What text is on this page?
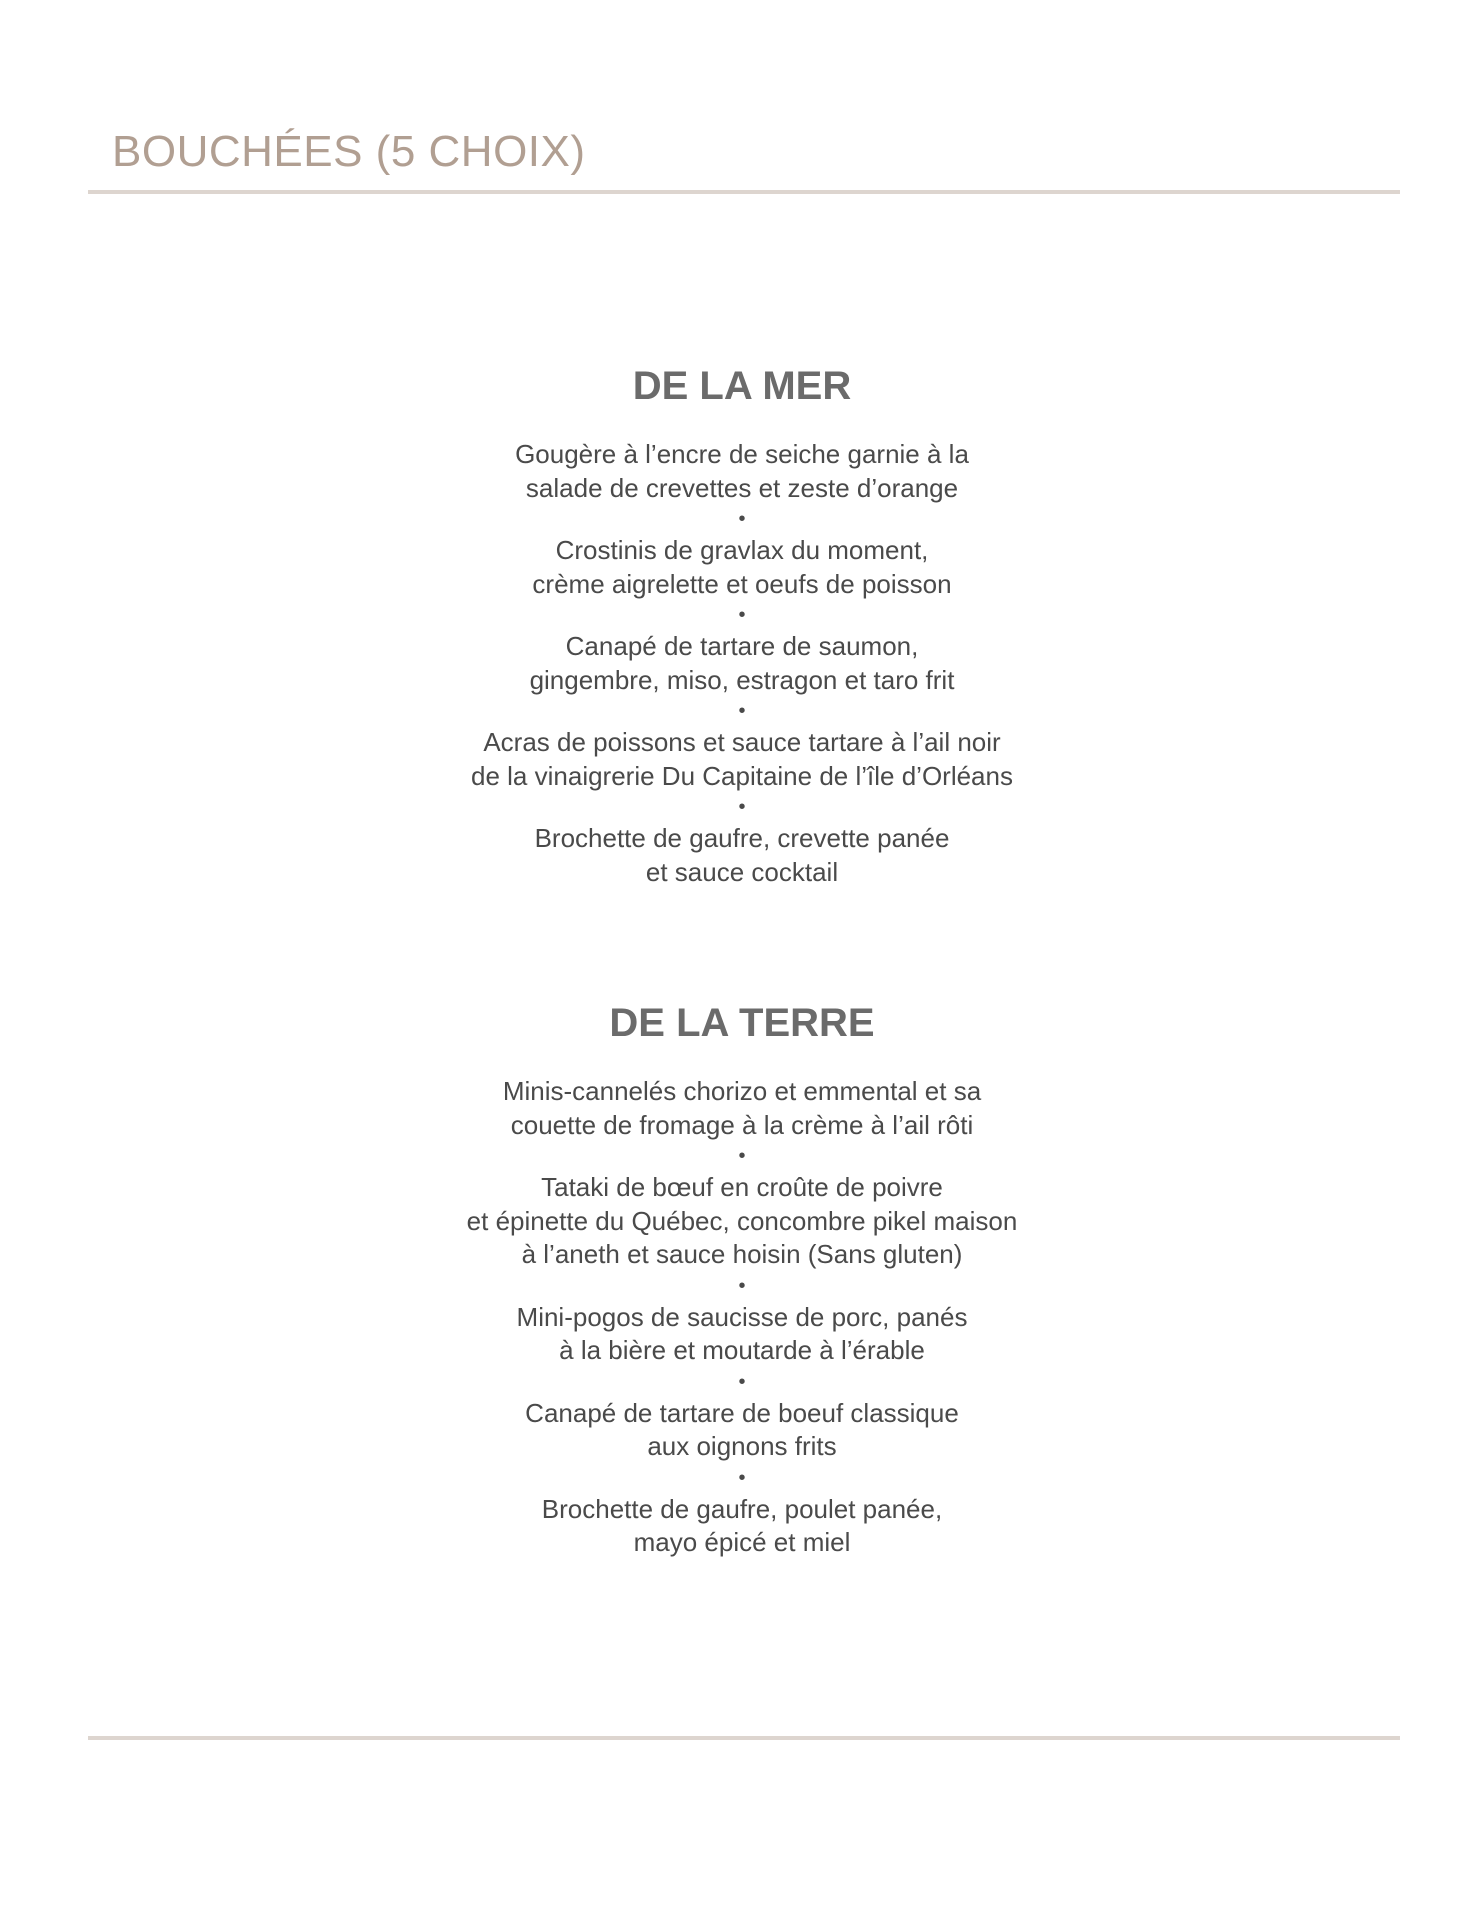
BOUCHÉES (5 CHOIX)
DE LA MER
Gougère à l’encre de seiche garnie à la
salade de crevettes et zeste d’orange
•
Crostinis de gravlax du moment,
crème aigrelette et oeufs de poisson
•
Canapé de tartare de saumon,
gingembre, miso, estragon et taro frit
•
Acras de poissons et sauce tartare à l’ail noir
de la vinaigrerie Du Capitaine de l’île d’Orléans
•
Brochette de gaufre, crevette panée
et sauce cocktail
DE LA TERRE
Minis-cannelés chorizo et emmental et sa
couette de fromage à la crème à l’ail rôti
•
Tataki de bœuf en croûte de poivre
et épinette du Québec, concombre pikel maison
à l’aneth et sauce hoisin (Sans gluten)
•
Mini-pogos de saucisse de porc, panés
à la bière et moutarde à l’érable
•
Canapé de tartare de boeuf classique
aux oignons frits
•
Brochette de gaufre, poulet panée,
mayo épicé et miel
